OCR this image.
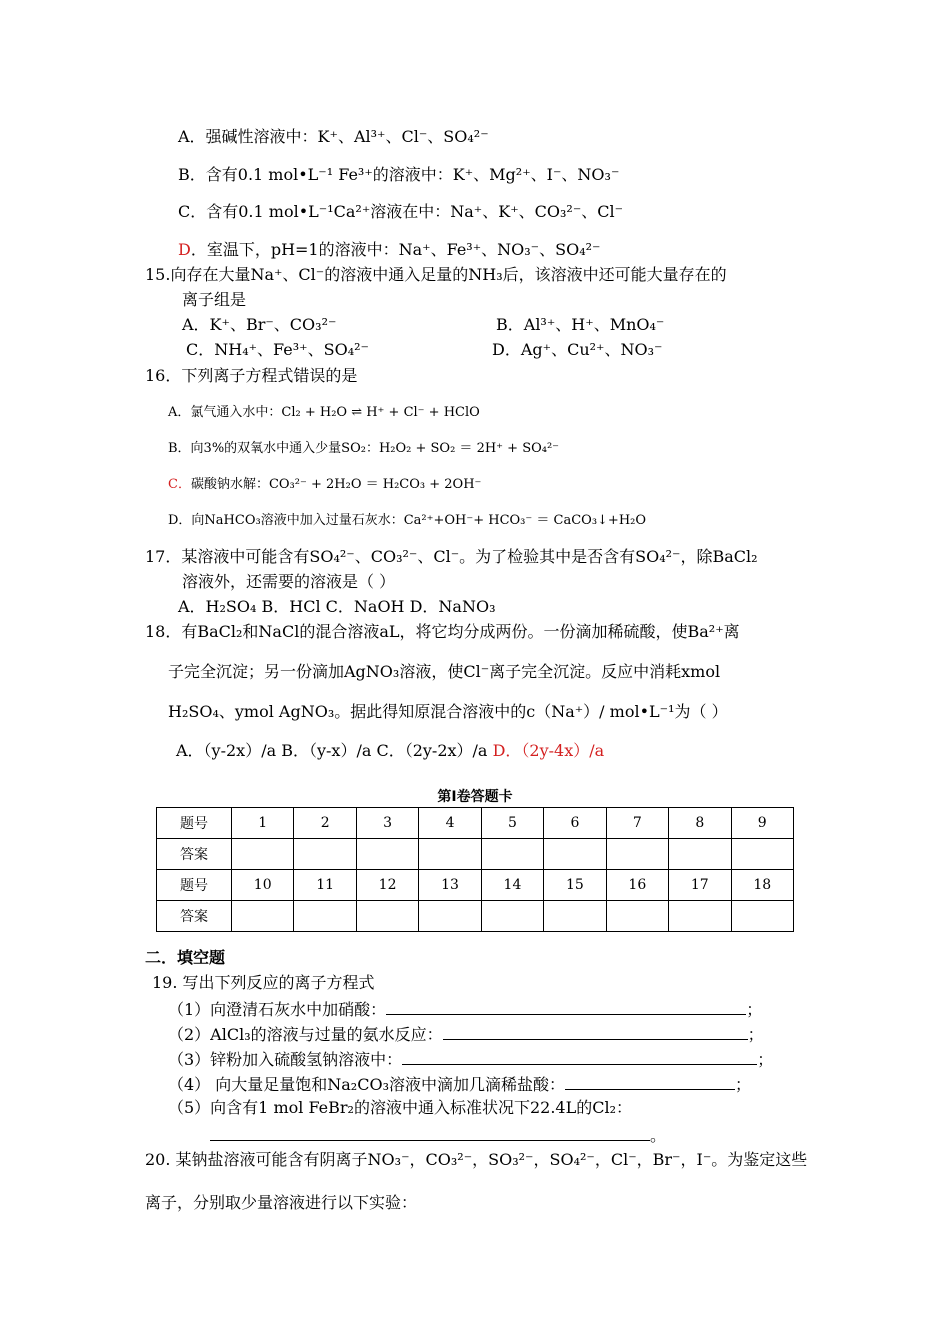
A．强碱性溶液中：K⁺、Al³⁺、Cl⁻、SO₄²⁻
B．含有0.1 mol•L⁻¹ Fe³⁺的溶液中：K⁺、Mg²⁺、I⁻、NO₃⁻
C．含有0.1 mol•L⁻¹Ca²⁺溶液在中：Na⁺、K⁺、CO₃²⁻、Cl⁻
D．室温下，pH=1的溶液中：Na⁺、Fe³⁺、NO₃⁻、SO₄²⁻
15.向存在大量Na⁺、Cl⁻的溶液中通入足量的NH₃后，该溶液中还可能大量存在的
离子组是
A．K⁺、Br⁻、CO₃²⁻	B．Al³⁺、H⁺、MnO₄⁻
C．NH₄⁺、Fe³⁺、SO₄²⁻	D．Ag⁺、Cu²⁺、NO₃⁻
16．下列离子方程式错误的是
A．氯气通入水中：Cl₂ + H₂O ⇌ H⁺ + Cl⁻ + HClO
B．向3%的双氧水中通入少量SO₂：H₂O₂ + SO₂ ＝ 2H⁺ + SO₄²⁻
C．碳酸钠水解：CO₃²⁻ + 2H₂O ＝ H₂CO₃ + 2OH⁻
D．向NaHCO₃溶液中加入过量石灰水：Ca²⁺+OH⁻+ HCO₃⁻ ＝ CaCO₃↓+H₂O
17．某溶液中可能含有SO₄²⁻、CO₃²⁻、Cl⁻。为了检验其中是否含有SO₄²⁻，除BaCl₂
溶液外，还需要的溶液是（ ）
A．H₂SO₄ B．HCl C．NaOH D．NaNO₃
18．有BaCl₂和NaCl的混合溶液aL，将它均分成两份。一份滴加稀硫酸，使Ba²⁺离
子完全沉淀；另一份滴加AgNO₃溶液，使Cl⁻离子完全沉淀。反应中消耗xmol
H₂SO₄、ymol AgNO₃。据此得知原混合溶液中的c（Na⁺）/ mol•L⁻¹为（ ）
A．（y-2x）/a B．（y-x）/a C．（2y-2x）/a D．（2y-4x）/a
第Ⅰ卷答题卡
题号	1	2	3	4	5	6	7	8	9
答案									
题号	10	11	12	13	14	15	16	17	18
答案									
二．填空题
19. 写出下列反应的离子方程式
（1）向澄清石灰水中加硝酸：	；
（2）AlCl₃的溶液与过量的氨水反应：	；
（3）锌粉加入硫酸氢钠溶液中：	；
（4） 向大量足量饱和Na₂CO₃溶液中滴加几滴稀盐酸：	；
（5）向含有1 mol FeBr₂的溶液中通入标准状况下22.4L的Cl₂：
。
20. 某钠盐溶液可能含有阴离子NO₃⁻，CO₃²⁻，SO₃²⁻，SO₄²⁻，Cl⁻，Br⁻，I⁻。为鉴定这些
离子，分别取少量溶液进行以下实验：
